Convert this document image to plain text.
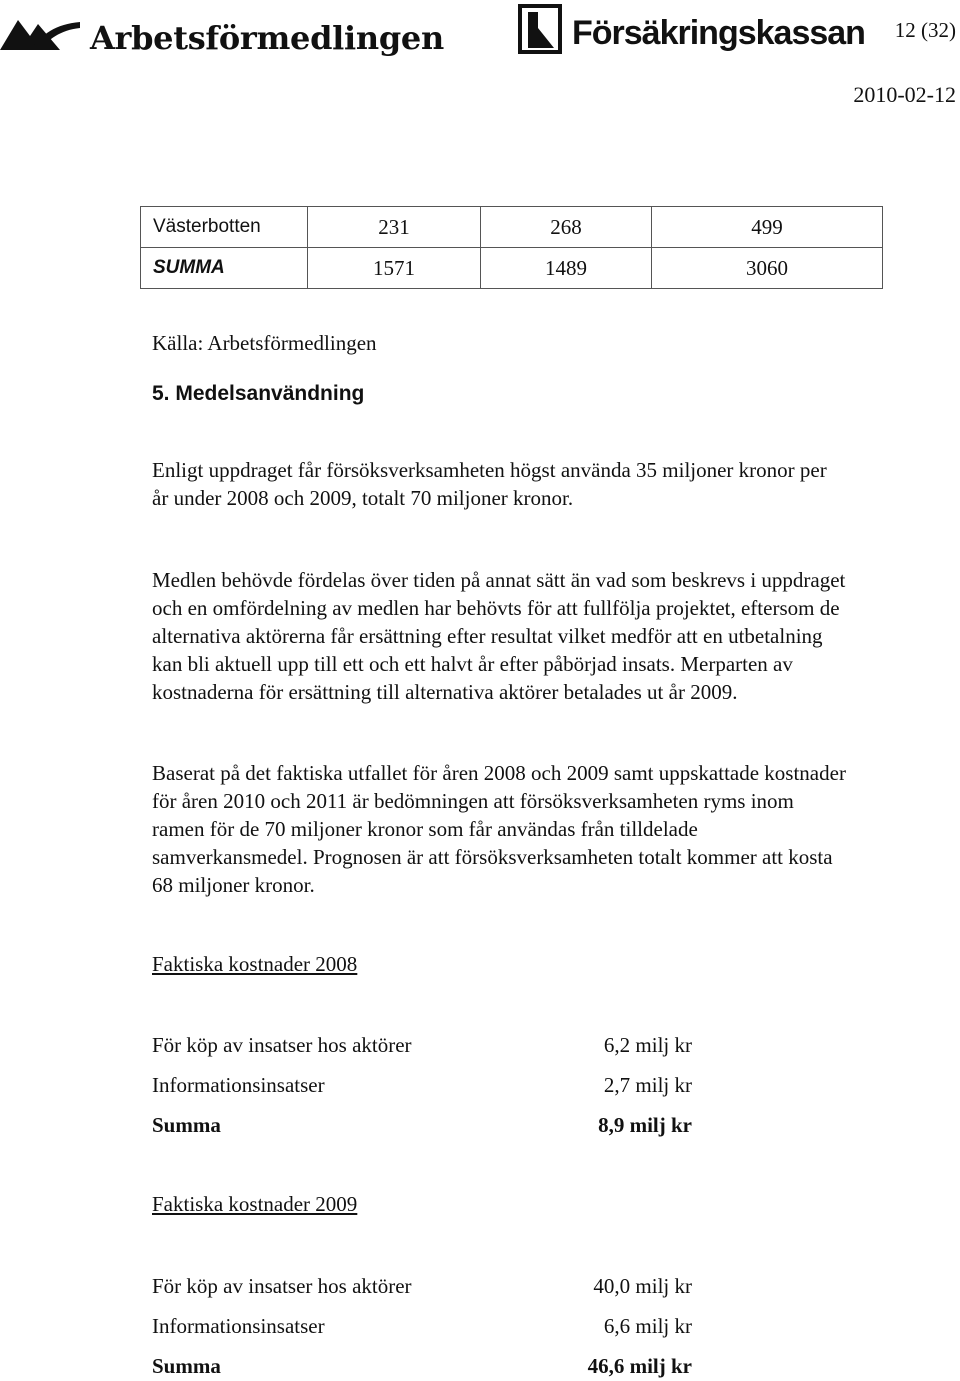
Arbetsförmedlingen	Försäkringskassan 12 (32)
2010-02-12
Västerbotten	231	268	499
SUMMA	1571	1489	3060
Källa: Arbetsförmedlingen
5. Medelsanvändning
Enligt uppdraget får försöksverksamheten högst använda 35 miljoner kronor per
år under 2008 och 2009, totalt 70 miljoner kronor.
Medlen behövde fördelas över tiden på annat sätt än vad som beskrevs i uppdraget
och en omfördelning av medlen har behövts för att fullfölja projektet, eftersom de
alternativa aktörerna får ersättning efter resultat vilket medför att en utbetalning
kan bli aktuell upp till ett och ett halvt år efter påbörjad insats. Merparten av
kostnaderna för ersättning till alternativa aktörer betalades ut år 2009.
Baserat på det faktiska utfallet för åren 2008 och 2009 samt uppskattade kostnader
för åren 2010 och 2011 är bedömningen att försöksverksamheten ryms inom
ramen för de 70 miljoner kronor som får användas från tilldelade
samverkansmedel. Prognosen är att försöksverksamheten totalt kommer att kosta
68 miljoner kronor.
Faktiska kostnader 2008
För köp av insatser hos aktörer	6,2 milj kr
Informationsinsatser	2,7 milj kr
Summa	8,9 milj kr
Faktiska kostnader 2009
För köp av insatser hos aktörer	40,0 milj kr
Informationsinsatser	6,6 milj kr
Summa	46,6 milj kr
